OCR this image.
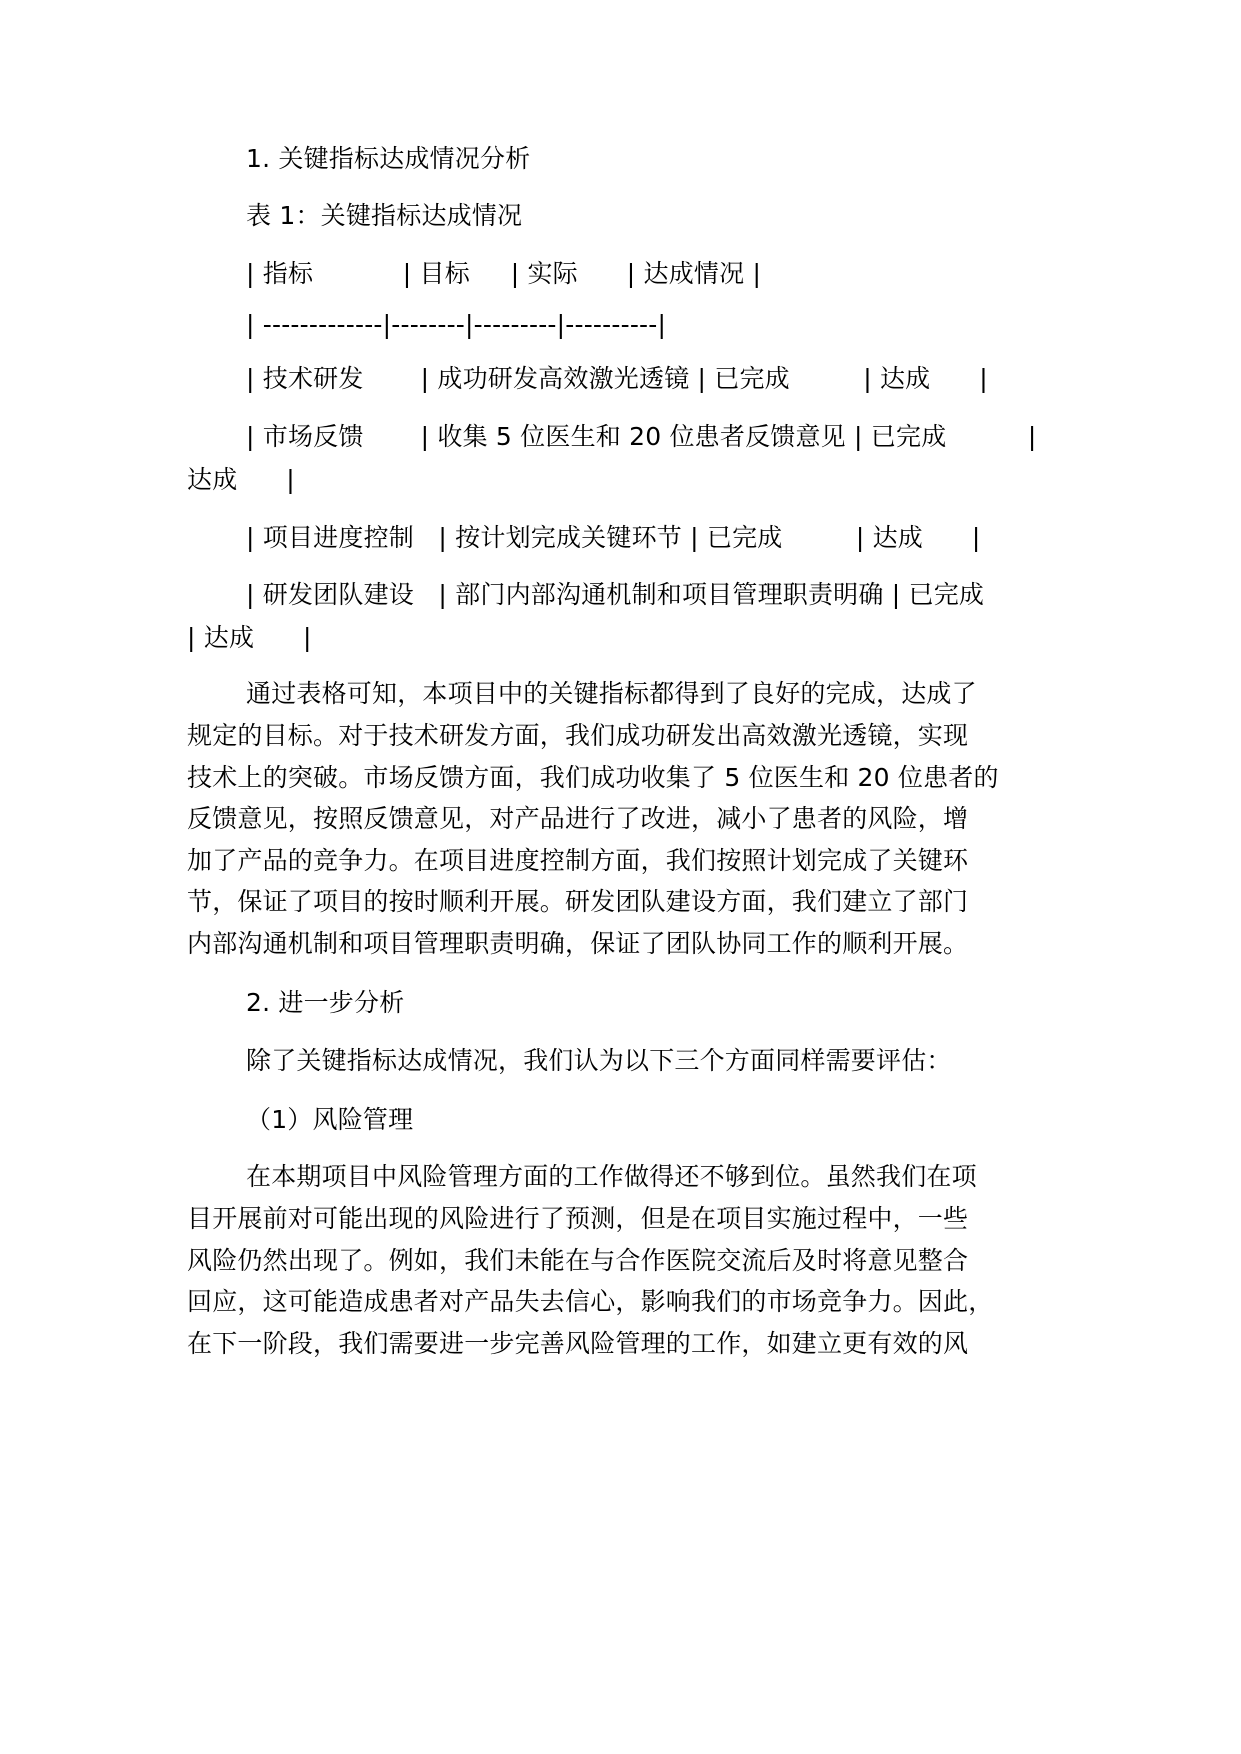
1. 关键指标达成情况分析

表 1：关键指标达成情况

| 指标           | 目标     | 实际      | 达成情况 |

| -------------|--------|---------|----------|

| 技术研发       | 成功研发高效激光透镜 | 已完成         | 达成      |

| 市场反馈       | 收集 5 位医生和 20 位患者反馈意见 | 已完成          |

达成      |

| 项目进度控制   | 按计划完成关键环节 | 已完成         | 达成      |

| 研发团队建设   | 部门内部沟通机制和项目管理职责明确 | 已完成

| 达成      |

通过表格可知，本项目中的关键指标都得到了良好的完成，达成了

规定的目标。对于技术研发方面，我们成功研发出高效激光透镜，实现

技术上的突破。市场反馈方面，我们成功收集了 5 位医生和 20 位患者的

反馈意见，按照反馈意见，对产品进行了改进，减小了患者的风险，增

加了产品的竞争力。在项目进度控制方面，我们按照计划完成了关键环

节，保证了项目的按时顺利开展。研发团队建设方面，我们建立了部门

内部沟通机制和项目管理职责明确，保证了团队协同工作的顺利开展。

2. 进一步分析

除了关键指标达成情况，我们认为以下三个方面同样需要评估：

（1）风险管理

在本期项目中风险管理方面的工作做得还不够到位。虽然我们在项

目开展前对可能出现的风险进行了预测，但是在项目实施过程中，一些

风险仍然出现了。例如，我们未能在与合作医院交流后及时将意见整合

回应，这可能造成患者对产品失去信心，影响我们的市场竞争力。因此，

在下一阶段，我们需要进一步完善风险管理的工作，如建立更有效的风
